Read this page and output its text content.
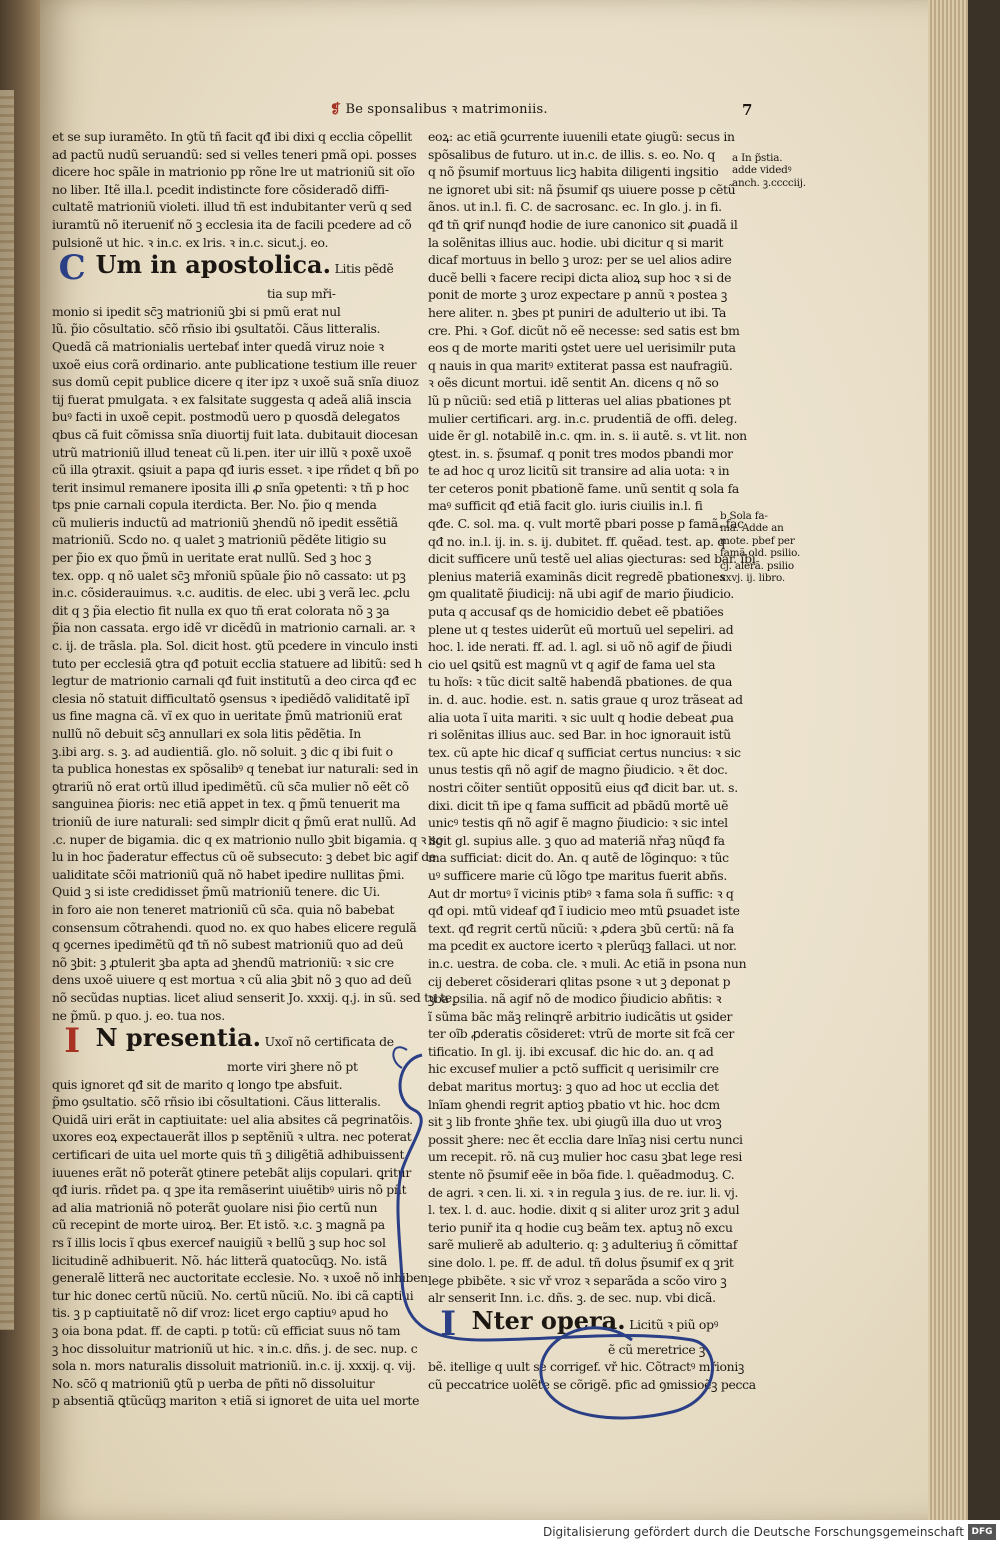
❡ Be sponsalibus ꝛ matrimoniis.	7
et se sup iuramẽto. In ꝯtũ tñ facit qđ ibi dixi q ecclia cõpellit
ad pactũ nudũ seruandũ: sed si velles teneri pmã opi. posses
dicere hoc spãle in matrionio pp rõne lre ut matrioniũ sit oĩo
no liber. Itẽ illa.l. pcedit indistincte fore cõsideradõ diffi-
cultatẽ matrioniũ violeti. illud tñ est indubitanter verũ q sed
iuramtũ nõ iterueniť nõ ꝫ ecclesia ita de facili pcedere ad cõ
pulsionẽ ut hic. ꝛ in.c. ex lris. ꝛ in.c. sicut.j. eo.
C Um in apostolica. Litis pẽdẽ
tia sup mři-
monio si ipedit sc̄ꝫ matrioniũ ꝫbi si pmũ erat nul
lũ. p̃io cõsultatio. sc̄õ rñsio ibi ꝯsultatõi. Cãus litteralis.
Quedã cã matrionialis uertebať inter quedã viruz noie ꝛ
uxoẽ eius corã ordinario. ante publicatione testium ille reuer
sus domũ cepit publice dicere q iter ipz ꝛ uxoẽ suã snĩa diuoz
tij fuerat pmulgata. ꝛ ex falsitate suggesta q adeã aliã inscia
buꝰ facti in uxoẽ cepit. postmodũ uero p quosdã delegatos
qbus cã fuit cõmissa snĩa diuortij fuit lata. dubitauit diocesan
utrũ matrioniũ illud teneat cũ li.pen. iter uir illũ ꝛ poxẽ uxoẽ
cũ illa ꝯtraxit. ꝗsiuit a papa qđ iuris esset. ꝛ ipe rñdet q bñ po
terit insimul remanere iposita illi ꝓ snĩa ꝯpetenti: ꝛ tñ p hoc
tps pnie carnali copula iterdicta. Ber. No. p̃io q menda
cũ mulieris inductũ ad matrioniũ ꝫhendũ nõ ipedit essẽtiã
matrioniũ. Scdo no. q ualet ꝫ matrioniũ pẽdẽte litigio su
per p̃io ex quo p̃mũ in ueritate erat nullũ. Sed ꝫ hoc ꝫ
tex. opp. q nõ ualet sc̄ꝫ mřoniũ spũale p̃io nõ cassato: ut pꝫ
in.c. cõsiderauimus. ꝛ.c. auditis. de elec. ubi ꝫ verã lec. ꝓclu
dit q ꝫ p̃ia electio fit nulla ex quo tñ erat colorata nõ ꝫ ꝫa
p̃ia non cassata. ergo idẽ vr dicẽdũ in matrionio carnali. ar. ꝛ
c. ij. de trãsla. pla. Sol. dicit host. ꝯtũ pcedere in vinculo insti
tuto per ecclesiã ꝯtra qđ potuit ecclia statuere ad libitũ: sed h
legtur de matrionio carnali qđ fuit institutũ a deo circa qđ ec
clesia nõ statuit difficultatõ ꝯsensus ꝛ ipediẽdõ validitatẽ ipĩ
us fine magna cã. vĩ ex quo in ueritate p̃mũ matrioniũ erat
nullũ nõ debuit sc̄ꝫ annullari ex sola litis pẽdẽtia. In
ꝫ.ibi arg. s. ꝫ. ad audientiã. glo. nõ soluit. ꝫ dic q ibi fuit o
ta publica honestas ex spõsalibꝰ q tenebat iur naturali: sed in
ꝯtrariũ nõ erat ortũ illud ipedimẽtũ. cũ sc̄a mulier nõ eẽt cõ
sanguinea p̃ioris: nec etiã appet in tex. q p̃mũ tenuerit ma
trioniũ de iure naturali: sed simplr dicit q p̃mũ erat nullũ. Ad
.c. nuper de bigamia. dic q ex matrionio nullo ꝫbit bigamia. q ꝛ so
lu in hoc p̃aderatur effectus cũ oẽ subsecuto: ꝫ debet bic agif de
ualiditate sc̄õi matrioniũ quã nõ habet ipedire nullitas p̃mi.
Quid ꝫ si iste credidisset p̃mũ matrioniũ tenere. dic Ui.
in foro aie non teneret matrioniũ cũ sc̄a. quia nõ babebat
consensum cõtrahendi. quod no. ex quo habes elicere regulã
q ꝯcernes ipedimẽtũ qđ tñ nõ subest matrioniũ quo ad deũ
nõ ꝫbit: ꝫ ꝓtulerit ꝫba apta ad ꝫhendũ matrioniũ: ꝛ sic cre
dens uxoẽ uiuere q est mortua ꝛ cũ alia ꝫbit nõ ꝫ quo ad deũ
nõ secũdas nuptias. licet aliud senserit Jo. xxxij. q.j. in sũ. sed tu te
ne p̃mũ. p quo. j. eo. tua nos.
I N presentia. Uxoĩ nõ certificata de
morte viri ꝫhere nõ pt
quis ignoret qđ sit de marito q longo tpe absfuit.
p̃mo ꝯsultatio. sc̄õ rñsio ibi cõsultationi. Cãus litteralis.
Quidã uiri erãt in captiuitate: uel alia absites cã pegrinatõis.
uxores eoꝝ expectauerãt illos p septẽniũ ꝛ ultra. nec poterat
certificari de uita uel morte quis tñ ꝫ diligẽtiã adhibuissent
iuuenes erãt nõ poterãt ꝯtinere petebãt alijs copulari. ꝗritur
qđ iuris. rñdet pa. q ꝫpe ita remãserint uiuẽtibꝰ uiris nõ pñt
ad alia matrioniã nõ poterãt ꝯuolare nisi p̃io certũ nun
cũ recepint de morte uiroꝝ. Ber. Et istõ. ꝛ.c. ꝫ magnã pa
rs ĩ illis locis ĩ qbus exercef nauigiũ ꝛ bellũ ꝫ sup hoc sol
licitudinẽ adhibuerit. Nõ. hác litterã quatocũqꝫ. No. istã
generalẽ litterã nec auctoritate ecclesie. No. ꝛ uxoẽ nõ inhiben
tur hic donec certũ nũciũ. No. certũ nũciũ. No. ibi cã captiui
tis. ꝫ p captiuitatẽ nõ dif vroz: licet ergo captiuꝰ apud ho
ꝫ oia bona pdat. ff. de capti. p totũ: cũ efficiat suus nõ tam
ꝫ hoc dissoluitur matrioniũ ut hic. ꝛ in.c. dñs. j. de sec. nup. c
sola n. mors naturalis dissoluit matrioniũ. in.c. ij. xxxij. q. vij.
No. sc̄õ q matrioniũ ꝯtũ p uerba de pñti nõ dissoluitur
p absentiã ꝗtũcũqꝫ mariton ꝛ etiã si ignoret de uita uel morte
eoꝝ: ac etiã ꝯcurrente iuuenili etate ꝯiugũ: secus in
spõsalibus de futuro. ut in.c. de illis. s. eo. No. q
q nõ p̃sumif mortuus licꝫ habita diligenti ingsitio
ne ignoret ubi sit: nã p̃sumif qs uiuere posse p cẽtũ
ãnos. ut in.l. fi. C. de sacrosanc. ec. In glo. j. in fi.
qđ tñ ꝗrif nunqđ hodie de iure canonico sit ꝓuadã il
la solẽnitas illius auc. hodie. ubi dicitur q si marit
dicaf mortuus in bello ꝫ uroz: per se uel alios adire
ducẽ belli ꝛ facere recipi dicta alioꝝ sup hoc ꝛ si de
ponit de morte ꝫ uroz expectare p annũ ꝛ postea ꝫ
here aliter. n. ꝫbes pt puniri de adulterio ut ibi. Ta
cre. Phi. ꝛ Gof. dicũt nõ eẽ necesse: sed satis est bm
eos q de morte mariti ꝯstet uere uel uerisimilr puta
q nauis in qua maritꝰ extiterat passa est naufragiũ.
ꝛ oẽs dicunt mortui. idẽ sentit An. dicens q nõ so
lũ p nũciũ: sed etiã p litteras uel alias pbationes pt
mulier certificari. arg. in.c. prudentiã de offi. deleg.
uide ẽr gl. notabilẽ in.c. qm. in. s. ii autẽ. s. vt lit. non
ꝯtest. in. s. p̃sumaf. q ponit tres modos pbandi mor
te ad hoc q uroz licitũ sit transire ad alia uota: ꝛ in
ter ceteros ponit pbationẽ fame. unũ sentit q sola fa
maꝰ sufficit qđ etiã facit glo. iuris ciuilis in.l. fi
qđe. C. sol. ma. q. vult mortẽ pbari posse p famã. fac
qđ no. in.l. ij. in. s. ij. dubitet. ff. quẽad. test. ap. q
dicit sufficere unũ testẽ uel alias ꝯiecturas: sed bar. ibi
plenius materiã examinãs dicit regredẽ pbationes
ꝯm qualitatẽ p̃iudicij: nã ubi agif de mario p̃iudicio.
puta q accusaf qs de homicidio debet eẽ pbatiões
plene ut q testes uiderũt eũ mortuũ uel sepeliri. ad
hoc. l. ide nerati. ff. ad. l. agl. si uõ nõ agif de p̃iudi
cio uel ꝗsitũ est magnũ vt q agif de fama uel sta
tu hoĩs: ꝛ tũc dicit saltẽ habendã pbationes. de qua
in. d. auc. hodie. est. n. satis graue q uroz trãseat ad
alia uota ĩ uita mariti. ꝛ sic uult q hodie debeat ꝓua
ri solẽnitas illius auc. sed Bar. in hoc ignorauit istũ
tex. cũ apte hic dicaf q sufficiat certus nuncius: ꝛ sic
unus testis qñ nõ agif de magno p̃iudicio. ꝛ ẽt doc.
nostri cõiter sentiũt oppositũ eius qđ dicit bar. ut. s.
dixi. dicit tñ ipe q fama sufficit ad pbãdũ mortẽ uẽ
unicꝰ testis qñ nõ agif ẽ magno p̃iudicio: ꝛ sic intel
ligit gl. supius alle. ꝫ quo ad materiã nřaꝫ nũqđ fa
ma sufficiat: dicit do. An. q autẽ de lõginquo: ꝛ tũc
uꝰ sufficere marie cũ lõgo tpe maritus fuerit abñs.
Aut dr mortuꝰ ĩ vicinis ptibꝰ ꝛ fama sola ñ suffic: ꝛ q
qđ opi. mtũ videaf qđ ĩ iudicio meo mtũ ꝑsuadet iste
text. qđ regrit certũ nũciũ: ꝛ ꝓdera ꝫbũ certũ: nã fa
ma pcedit ex auctore icerto ꝛ plerũqꝫ fallaci. ut nor.
in.c. uestra. de coba. cle. ꝛ muli. Ac etiã in psona nun
cij deberet cõsiderari qlitas psone ꝛ ut ꝫ deponat p
ꝫba ꝑsilia. nã agif nõ de modico p̃iudicio abñtis: ꝛ
ĩ sũma bãc mãꝫ relinqrẽ arbitrio iudicãtis ut ꝯsider
ter oĩb ꝓderatis cõsideret: vtrũ de morte sit fcã cer
tificatio. In gl. ij. ibi excusaf. dic hic do. an. q ad
hic excusef mulier a pctõ sufficit q uerisimilr cre
debat maritus mortuꝫ: ꝫ quo ad hoc ut ecclia det
lnĩam ꝯhendi regrit aptioꝫ pbatio vt hic. hoc dcm
sit ꝫ lib fronte ꝫhñe tex. ubi ꝯiugũ illa duo ut vroꝫ
possit ꝫhere: nec ẽt ecclia dare lnĩaꝫ nisi certu nunci
um recepit. rõ. nã cuꝫ mulier hoc casu ꝫbat lege resi
stente nõ p̃sumif eẽe in bõa fide. l. quẽadmoduꝫ. C.
de agri. ꝛ cen. li. xi. ꝛ in regula ꝫ ius. de re. iur. li. vj.
l. tex. l. d. auc. hodie. dixit q si aliter uroz ꝫrit ꝫ adul
terio puniř ita q hodie cuꝫ beãm tex. aptuꝫ nõ excu
sarẽ mulierẽ ab adulterio. q: ꝫ adulteriuꝫ ñ cõmittaf
sine dolo. l. pe. ff. de adul. tñ dolus p̃sumif ex q ꝫrit
lege pbibẽte. ꝛ sic vř vroz ꝛ separãda a scõo viro ꝫ
alr senserit Inn. i.c. dñs. ꝫ. de sec. nup. vbi dicã.
I Nter opera. Licitũ ꝛ piũ opꝰ
ẽ cũ meretrice ꝫ
bẽ. itellige q uult se corrigef. vř hic. Cõtractꝰ mřioniꝫ
cũ peccatrice uolẽte se cõrigẽ. pfic ad ꝯmissioẽꝫ pecca
a In p̃stia.
adde videdꝰ
anch. ꝫ.cccciij.
b Sola fa-
ma. Adde an
mote. pbef per
famã old. psilio.
cj. alerã. psilio
xxvj. ij. libro.
Digitalisierung gefördert durch die Deutsche Forschungsgemeinschaft DFG
